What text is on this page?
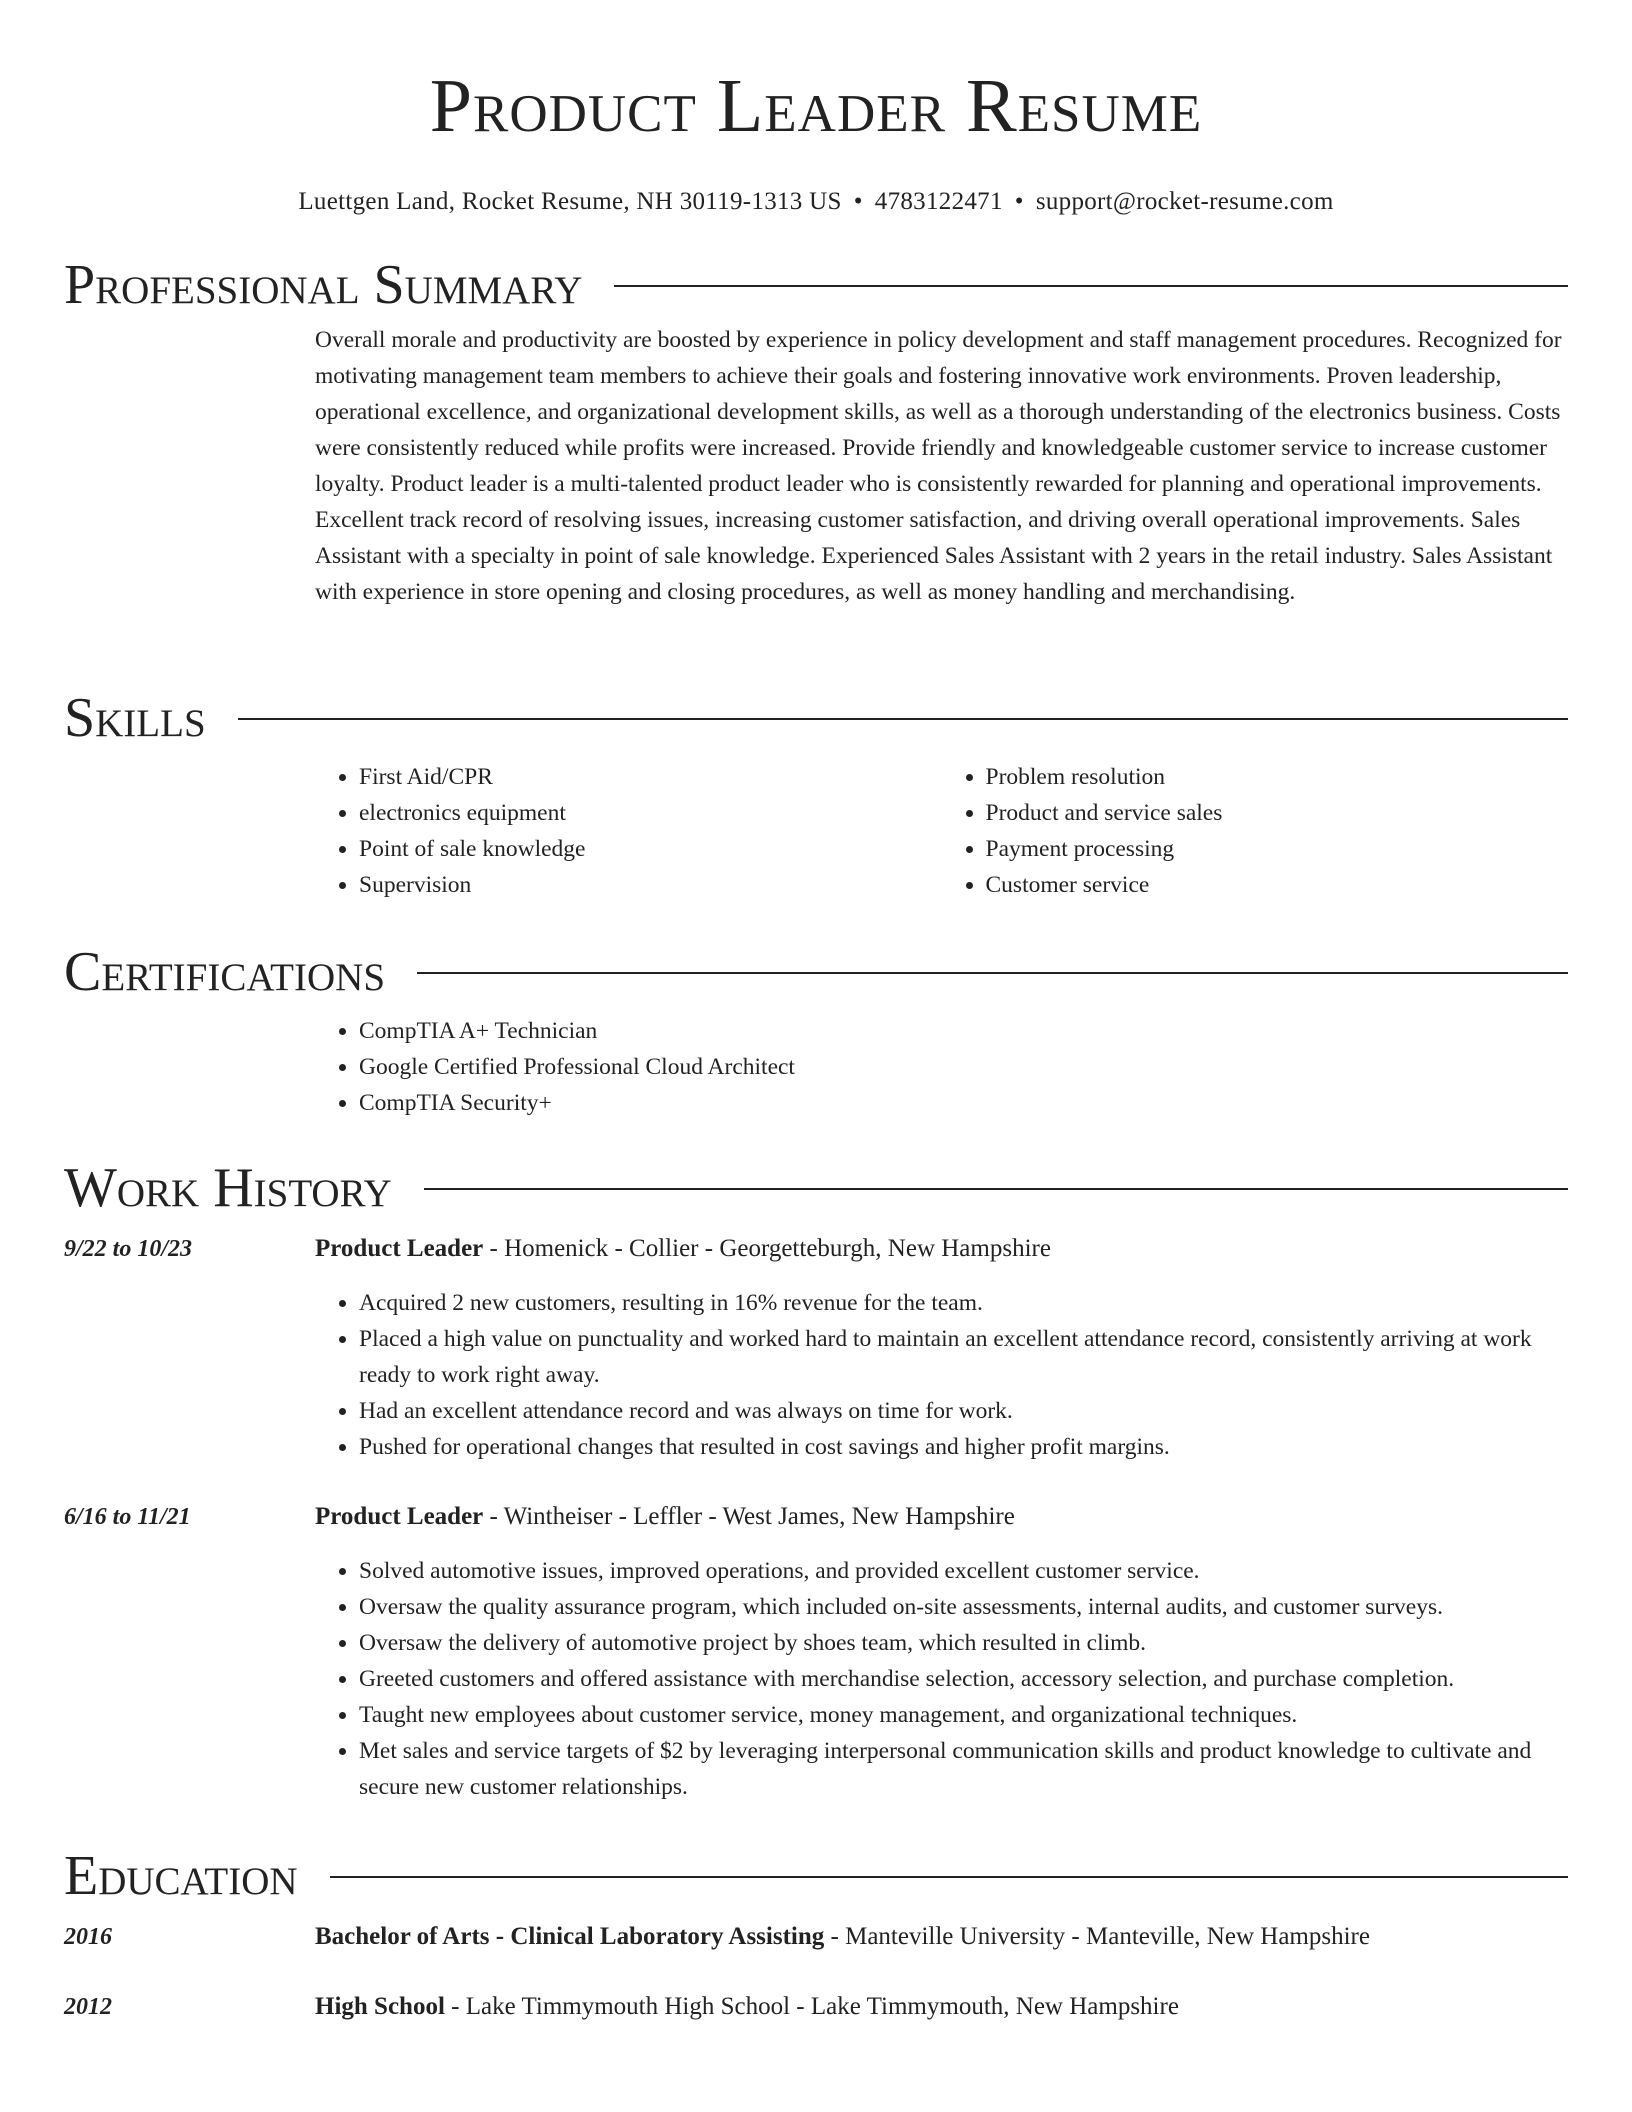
Product Leader Resume
Luettgen Land, Rocket Resume, NH 30119-1313 US • 4783122471 • support@rocket-resume.com
Professional Summary

Overall morale and productivity are boosted by experience in policy development and staff management procedures. Recognized for motivating management team members to achieve their goals and fostering innovative work environments. Proven leadership, operational excellence, and organizational development skills, as well as a thorough understanding of the electronics business. Costs were consistently reduced while profits were increased. Provide friendly and knowledgeable customer service to increase customer loyalty. Product leader is a multi-talented product leader who is consistently rewarded for planning and operational improvements. Excellent track record of resolving issues, increasing customer satisfaction, and driving overall operational improvements. Sales Assistant with a specialty in point of sale knowledge. Experienced Sales Assistant with 2 years in the retail industry. Sales Assistant with experience in store opening and closing procedures, as well as money handling and merchandising.

Skills
• First Aid/CPR
• electronics equipment
• Point of sale knowledge
• Supervision
• Problem resolution
• Product and service sales
• Payment processing
• Customer service
Certifications
• CompTIA A+ Technician
• Google Certified Professional Cloud Architect
• CompTIA Security+
Work History
9/22 to 10/23	Product Leader - Homenick - Collier - Georgetteburgh, New Hampshire
• Acquired 2 new customers, resulting in 16% revenue for the team.
• Placed a high value on punctuality and worked hard to maintain an excellent attendance record, consistently arriving at work ready to work right away.
• Had an excellent attendance record and was always on time for work.
• Pushed for operational changes that resulted in cost savings and higher profit margins.
6/16 to 11/21	Product Leader - Wintheiser - Leffler - West James, New Hampshire
• Solved automotive issues, improved operations, and provided excellent customer service.
• Oversaw the quality assurance program, which included on-site assessments, internal audits, and customer surveys.
• Oversaw the delivery of automotive project by shoes team, which resulted in climb.
• Greeted customers and offered assistance with merchandise selection, accessory selection, and purchase completion.
• Taught new employees about customer service, money management, and organizational techniques.
• Met sales and service targets of $2 by leveraging interpersonal communication skills and product knowledge to cultivate and secure new customer relationships.
Education
2016	Bachelor of Arts - Clinical Laboratory Assisting - Manteville University - Manteville, New Hampshire
2012	High School - Lake Timmymouth High School - Lake Timmymouth, New Hampshire
